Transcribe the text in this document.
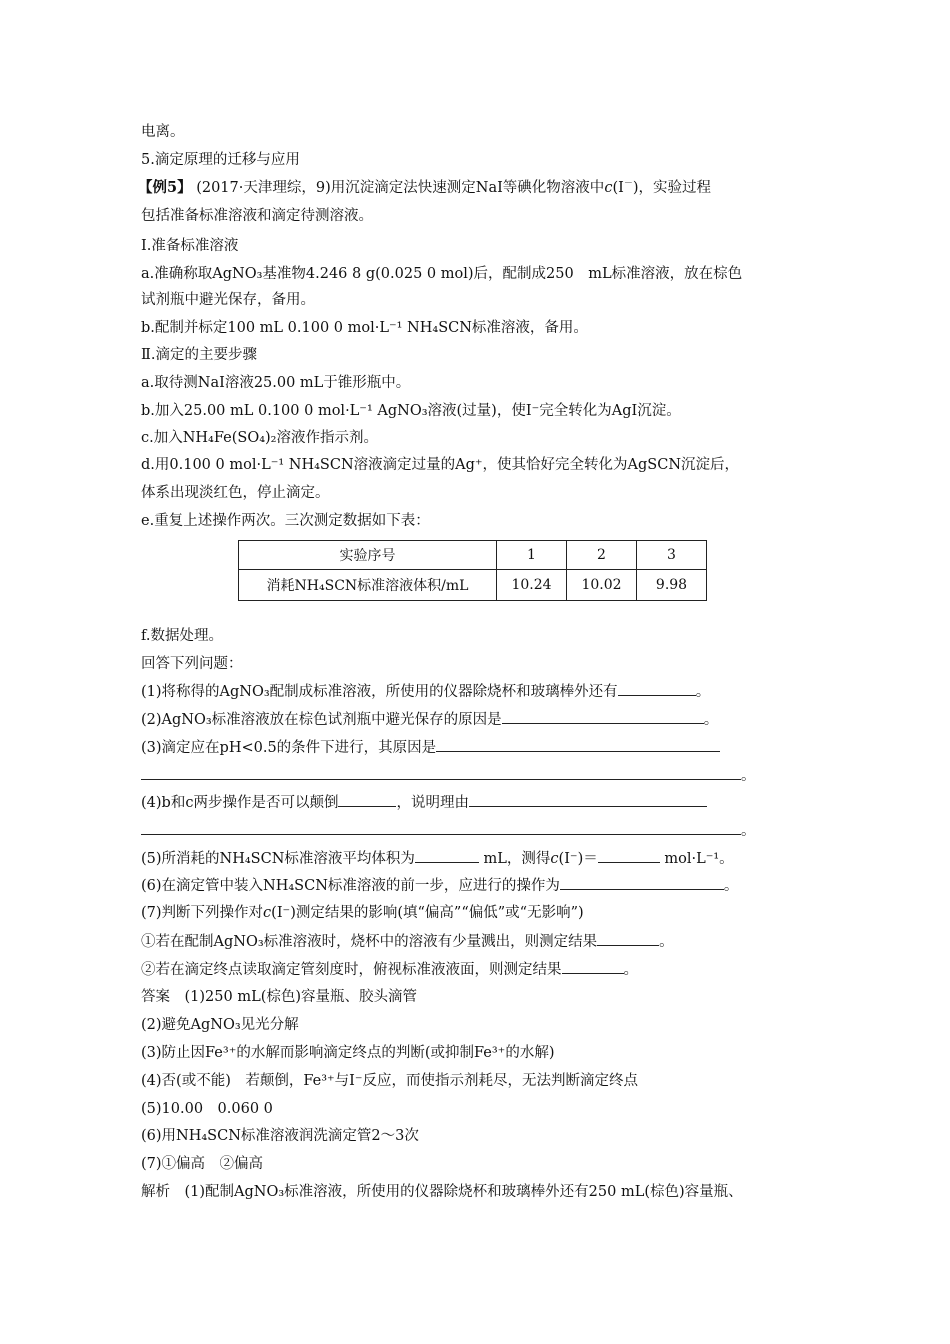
电离。
5.滴定原理的迁移与应用
【例5】 (2017·天津理综，9)用沉淀滴定法快速测定NaI等碘化物溶液中c(I－)，实验过程
包括准备标准溶液和滴定待测溶液。
Ⅰ.准备标准溶液
a.准确称取AgNO₃基准物4.246 8 g(0.025 0 mol)后，配制成250　mL标准溶液，放在棕色
试剂瓶中避光保存，备用。
b.配制并标定100 mL 0.100 0 mol·L⁻¹ NH₄SCN标准溶液，备用。
Ⅱ.滴定的主要步骤
a.取待测NaI溶液25.00 mL于锥形瓶中。
b.加入25.00 mL 0.100 0 mol·L⁻¹ AgNO₃溶液(过量)，使I⁻完全转化为AgI沉淀。
c.加入NH₄Fe(SO₄)₂溶液作指示剂。
d.用0.100 0 mol·L⁻¹ NH₄SCN溶液滴定过量的Ag⁺，使其恰好完全转化为AgSCN沉淀后，
体系出现淡红色，停止滴定。
e.重复上述操作两次。三次测定数据如下表：
实验序号	1	2	3
消耗NH₄SCN标准溶液体积/mL	10.24	10.02	9.98
f.数据处理。
回答下列问题：
(1)将称得的AgNO₃配制成标准溶液，所使用的仪器除烧杯和玻璃棒外还有	。
(2)AgNO₃标准溶液放在棕色试剂瓶中避光保存的原因是	。
(3)滴定应在pH<0.5的条件下进行，其原因是
。
(4)b和c两步操作是否可以颠倒	，说明理由
。
(5)所消耗的NH₄SCN标准溶液平均体积为	mL，测得c(I⁻)＝	mol·L⁻¹。
(6)在滴定管中装入NH₄SCN标准溶液的前一步，应进行的操作为	。
(7)判断下列操作对c(I⁻)测定结果的影响(填“偏高”“偏低”或“无影响”)
①若在配制AgNO₃标准溶液时，烧杯中的溶液有少量溅出，则测定结果	。
②若在滴定终点读取滴定管刻度时，俯视标准液液面，则测定结果	。
答案　(1)250 mL(棕色)容量瓶、胶头滴管
(2)避免AgNO₃见光分解
(3)防止因Fe³⁺的水解而影响滴定终点的判断(或抑制Fe³⁺的水解)
(4)否(或不能)　若颠倒，Fe³⁺与I⁻反应，而使指示剂耗尽，无法判断滴定终点
(5)10.00　0.060 0
(6)用NH₄SCN标准溶液润洗滴定管2～3次
(7)①偏高　②偏高
解析　(1)配制AgNO₃标准溶液，所使用的仪器除烧杯和玻璃棒外还有250 mL(棕色)容量瓶、
